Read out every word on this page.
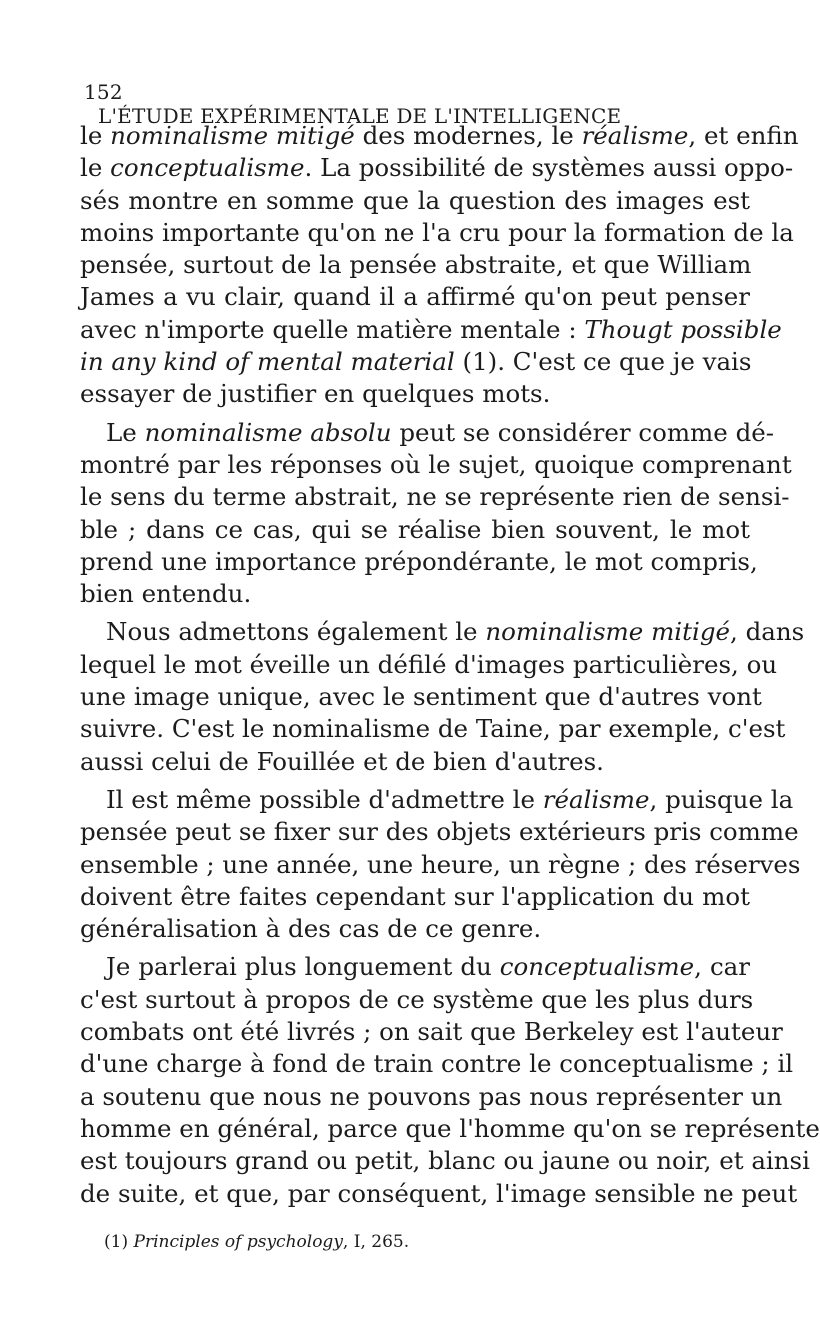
152 L'ÉTUDE EXPÉRIMENTALE DE L'INTELLIGENCE
le nominalisme mitigé des modernes, le réalisme, et enfin
le conceptualisme. La possibilité de systèmes aussi oppo-
sés montre en somme que la question des images est
moins importante qu'on ne l'a cru pour la formation de la
pensée, surtout de la pensée abstraite, et que William
James a vu clair, quand il a affirmé qu'on peut penser
avec n'importe quelle matière mentale : Thougt possible
in any kind of mental material (1). C'est ce que je vais
essayer de justifier en quelques mots.
Le nominalisme absolu peut se considérer comme dé-
montré par les réponses où le sujet, quoique comprenant
le sens du terme abstrait, ne se représente rien de sensi-
ble ; dans ce cas, qui se réalise bien souvent, le mot
prend une importance prépondérante, le mot compris,
bien entendu.
Nous admettons également le nominalisme mitigé, dans
lequel le mot éveille un défilé d'images particulières, ou
une image unique, avec le sentiment que d'autres vont
suivre. C'est le nominalisme de Taine, par exemple, c'est
aussi celui de Fouillée et de bien d'autres.
Il est même possible d'admettre le réalisme, puisque la
pensée peut se fixer sur des objets extérieurs pris comme
ensemble ; une année, une heure, un règne ; des réserves
doivent être faites cependant sur l'application du mot
généralisation à des cas de ce genre.
Je parlerai plus longuement du conceptualisme, car
c'est surtout à propos de ce système que les plus durs
combats ont été livrés ; on sait que Berkeley est l'auteur
d'une charge à fond de train contre le conceptualisme ; il
a soutenu que nous ne pouvons pas nous représenter un
homme en général, parce que l'homme qu'on se représente
est toujours grand ou petit, blanc ou jaune ou noir, et ainsi
de suite, et que, par conséquent, l'image sensible ne peut
(1) Principles of psychology, I, 265.
